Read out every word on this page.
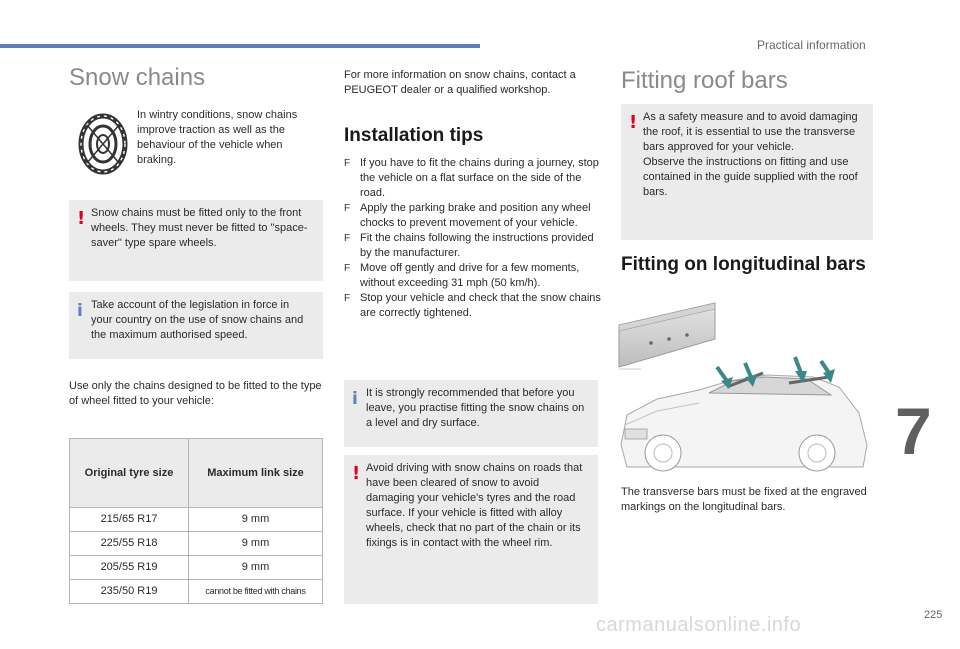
Practical information
Snow chains
In wintry conditions, snow chains improve traction as well as the behaviour of the vehicle when braking.
! Snow chains must be fitted only to the front wheels. They must never be fitted to "space-saver" type spare wheels.
i Take account of the legislation in force in your country on the use of snow chains and the maximum authorised speed.
Use only the chains designed to be fitted to the type of wheel fitted to your vehicle:
Original tyre size	Maximum link size
215/65 R17	9 mm
225/55 R18	9 mm
205/55 R19	9 mm
235/50 R19	cannot be fitted with chains
For more information on snow chains, contact a PEUGEOT dealer or a qualified workshop.
Installation tips
F If you have to fit the chains during a journey, stop the vehicle on a flat surface on the side of the road.
F Apply the parking brake and position any wheel chocks to prevent movement of your vehicle.
F Fit the chains following the instructions provided by the manufacturer.
F Move off gently and drive for a few moments, without exceeding 31 mph (50 km/h).
F Stop your vehicle and check that the snow chains are correctly tightened.
i It is strongly recommended that before you leave, you practise fitting the snow chains on a level and dry surface.
! Avoid driving with snow chains on roads that have been cleared of snow to avoid damaging your vehicle's tyres and the road surface. If your vehicle is fitted with alloy wheels, check that no part of the chain or its fixings is in contact with the wheel rim.
Fitting roof bars
! As a safety measure and to avoid damaging the roof, it is essential to use the transverse bars approved for your vehicle.
Observe the instructions on fitting and use contained in the guide supplied with the roof bars.
Fitting on longitudinal bars
The transverse bars must be fixed at the engraved markings on the longitudinal bars.
7
225
carmanualsonline.info
